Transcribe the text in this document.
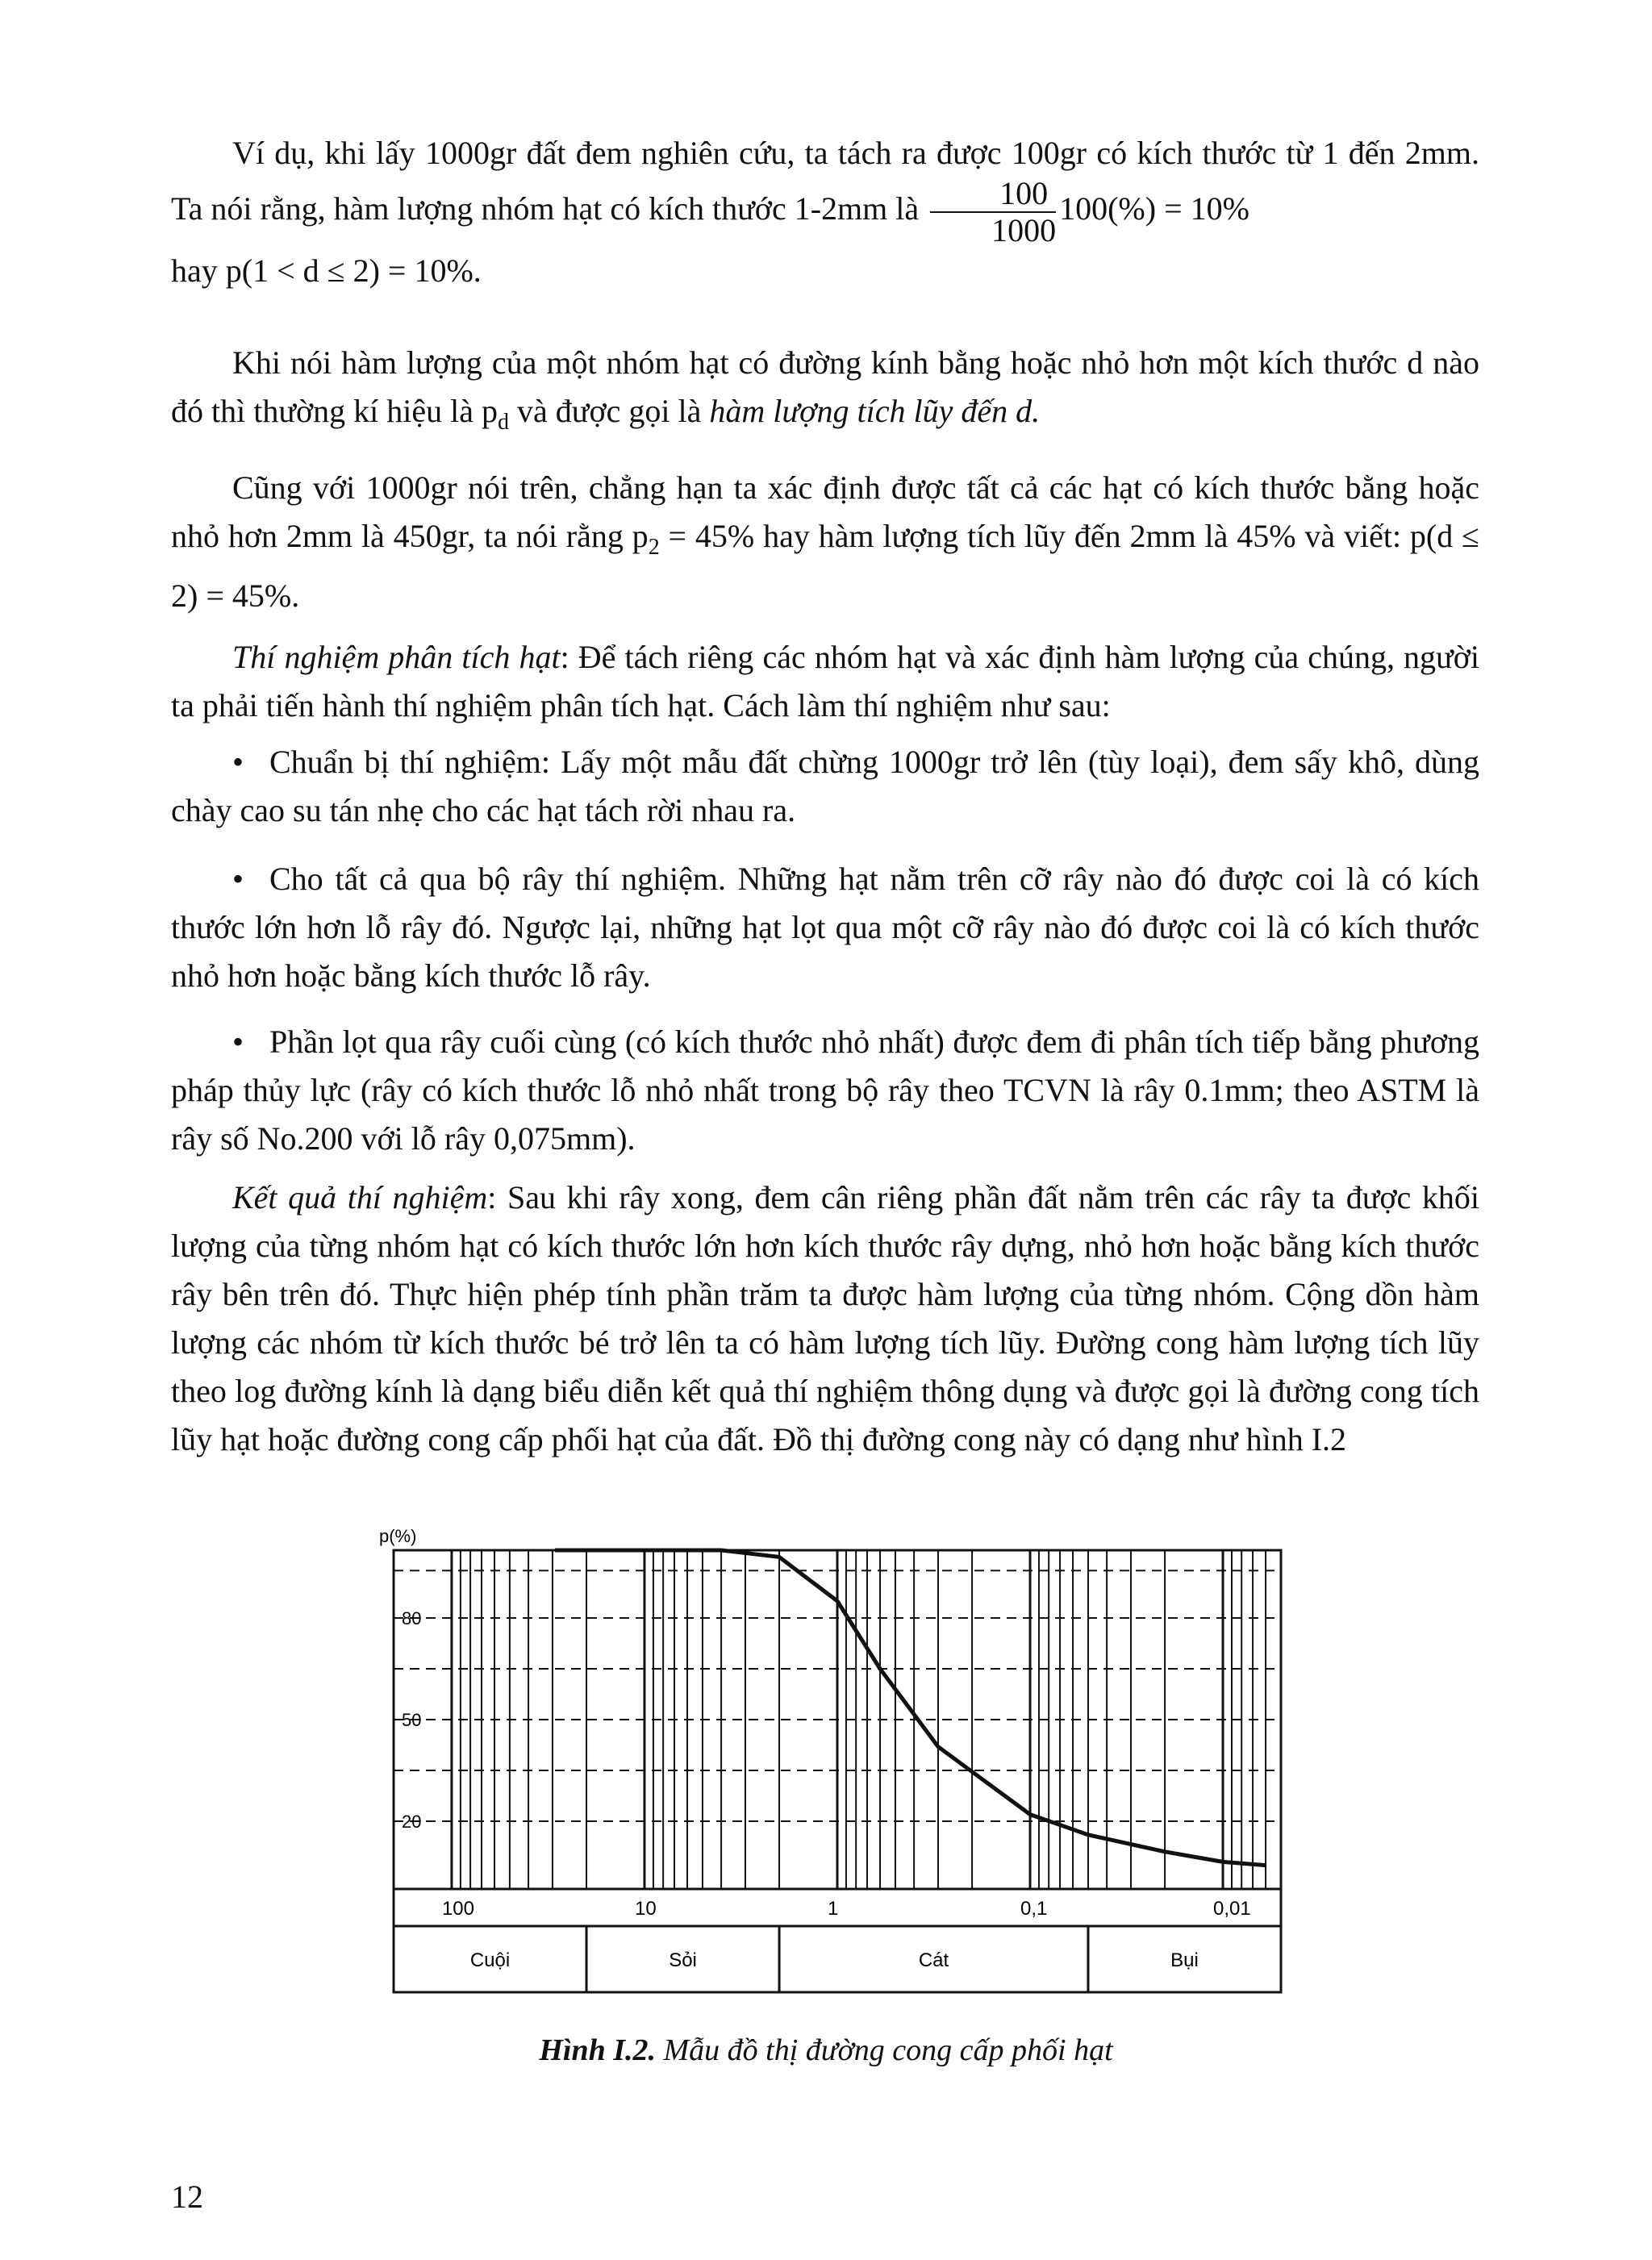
Ví dụ, khi lấy 1000gr đất đem nghiên cứu, ta tách ra được 100gr có kích thước từ 1 đến 2mm. Ta nói rằng, hàm lượng nhóm hạt có kích thước 1-2mm là $\frac{100}{1000} 100(\%) = 10\%$
hay p(1 < d ≤ 2) = 10%.

Khi nói hàm lượng của một nhóm hạt có đường kính bằng hoặc nhỏ hơn một kích thước d nào đó thì thường kí hiệu là $p_d$ và được gọi là hàm lượng tích lũy đến d.

Cũng với 1000gr nói trên, chẳng hạn ta xác định được tất cả các hạt có kích thước bằng hoặc nhỏ hơn 2mm là 450gr, ta nói rằng $p_2 = 45\%$ hay hàm lượng tích lũy đến 2mm là 45% và viết: p(d ≤ 2) = 45%.

Thí nghiệm phân tích hạt: Để tách riêng các nhóm hạt và xác định hàm lượng của chúng, người ta phải tiến hành thí nghiệm phân tích hạt. Cách làm thí nghiệm như sau:

• Chuẩn bị thí nghiệm: Lấy một mẫu đất chừng 1000gr trở lên (tùy loại), đem sấy khô, dùng chày cao su tán nhẹ cho các hạt tách rời nhau ra.

• Cho tất cả qua bộ rây thí nghiệm. Những hạt nằm trên cỡ rây nào đó được coi là có kích thước lớn hơn lỗ rây đó. Ngược lại, những hạt lọt qua một cỡ rây nào đó được coi là có kích thước nhỏ hơn hoặc bằng kích thước lỗ rây.

• Phần lọt qua rây cuối cùng (có kích thước nhỏ nhất) được đem đi phân tích tiếp bằng phương pháp thủy lực (rây có kích thước lỗ nhỏ nhất trong bộ rây theo TCVN là rây 0.1mm; theo ASTM là rây số No.200 với lỗ rây 0,075mm).

Kết quả thí nghiệm: Sau khi rây xong, đem cân riêng phần đất nằm trên các rây ta được khối lượng của từng nhóm hạt có kích thước lớn hơn kích thước rây dựng, nhỏ hơn hoặc bằng kích thước rây bên trên đó. Thực hiện phép tính phần trăm ta được hàm lượng của từng nhóm. Cộng dồn hàm lượng các nhóm từ kích thước bé trở lên ta có hàm lượng tích lũy. Đường cong hàm lượng tích lũy theo log đường kính là dạng biểu diễn kết quả thí nghiệm thông dụng và được gọi là đường cong tích lũy hạt hoặc đường cong cấp phối hạt của đất. Đồ thị đường cong này có dạng như hình I.2

p(%)
80
50
20
100	10	1	0,1	0,01
Cuội	Sỏi	Cát	Bụi
Hình I.2. Mẫu đồ thị đường cong cấp phối hạt
12
